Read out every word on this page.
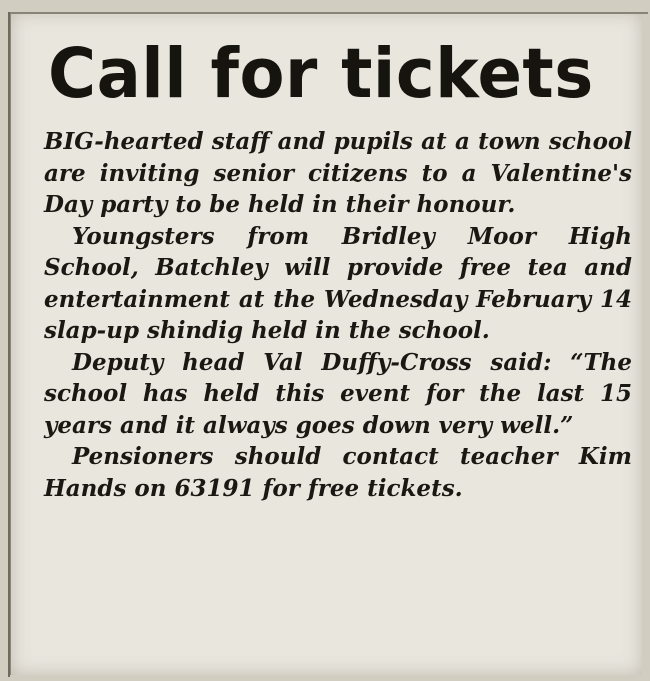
Call for tickets

BIG-hearted staff and pupils at a town school are inviting senior citizens to a Valentine's Day party to be held in their honour.

Youngsters from Bridley Moor High School, Batchley will provide free tea and entertainment at the Wednesday February 14 slap-up shindig held in the school.

Deputy head Val Duffy-Cross said: “The school has held this event for the last 15 years and it always goes down very well.”

Pensioners should contact teacher Kim Hands on 63191 for free tickets.
